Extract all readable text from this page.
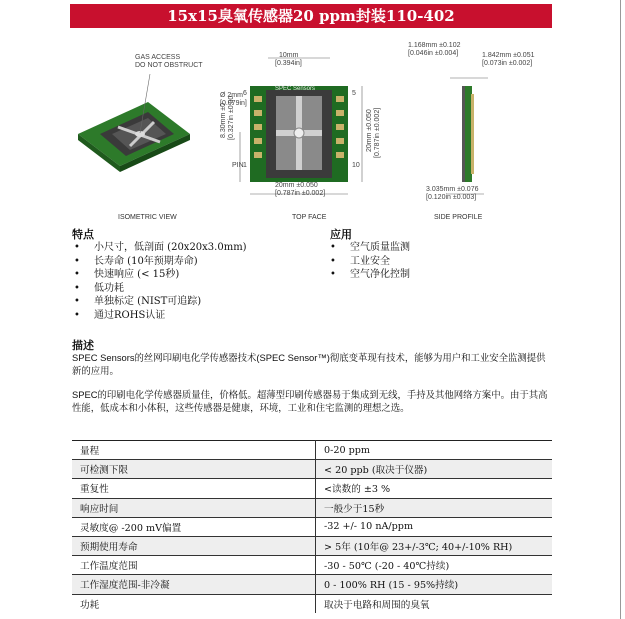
15x15臭氧传感器20 ppm封装110-402
GAS ACCESS
DO NOT OBSTRUCT
10mm
[0.394in]
Ø 2mm
[0.079in]
8.30mm ±0 [0.327in ±0.00	20mm ±0.050 [0.787in ±0.002]
20mm ±0.050
[0.787in ±0.002]
1.168mm ±0.102
[0.046in ±0.004]	1.842mm ±0.051
[0.073in ±0.002]
3.035mm ±0.076
[0.120in ±0.003]
PIN
6	5
1	10
SPEC Sensors
ISOMETRIC VIEW	TOP FACE	SIDE PROFILE
特点
• 小尺寸，低剖面 (20x20x3.0mm)
• 长寿命 (10年预期寿命)
• 快速响应 (< 15秒)
• 低功耗
• 单独标定 (NIST可追踪)
• 通过ROHS认证
应用
• 空气质量监测
• 工业安全
• 空气净化控制
描述
SPEC Sensors的丝网印刷电化学传感器技术(SPEC Sensor™)彻底变革现有技术，能够为用户和工业安全监测提供新的应用。
SPEC的印刷电化学传感器质量佳，价格低。超薄型印刷传感器易于集成到无线，手持及其他网络方案中。由于其高性能，低成本和小体积，这些传感器是健康，环境，工业和住宅监测的理想之选。
量程	0-20 ppm
可检测下限	< 20 ppb (取决于仪器)
重复性	<读数的 ±3 %
响应时间	一般少于15秒
灵敏度@ -200 mV偏置	-32 +/- 10 nA/ppm
预期使用寿命	> 5年 (10年@ 23+/-3℃; 40+/-10% RH)
工作温度范围	-30 - 50℃ (-20 - 40℃持续)
工作湿度范围-非冷凝	0 - 100% RH (15 - 95%持续)
功耗	取决于电路和周围的臭氧
